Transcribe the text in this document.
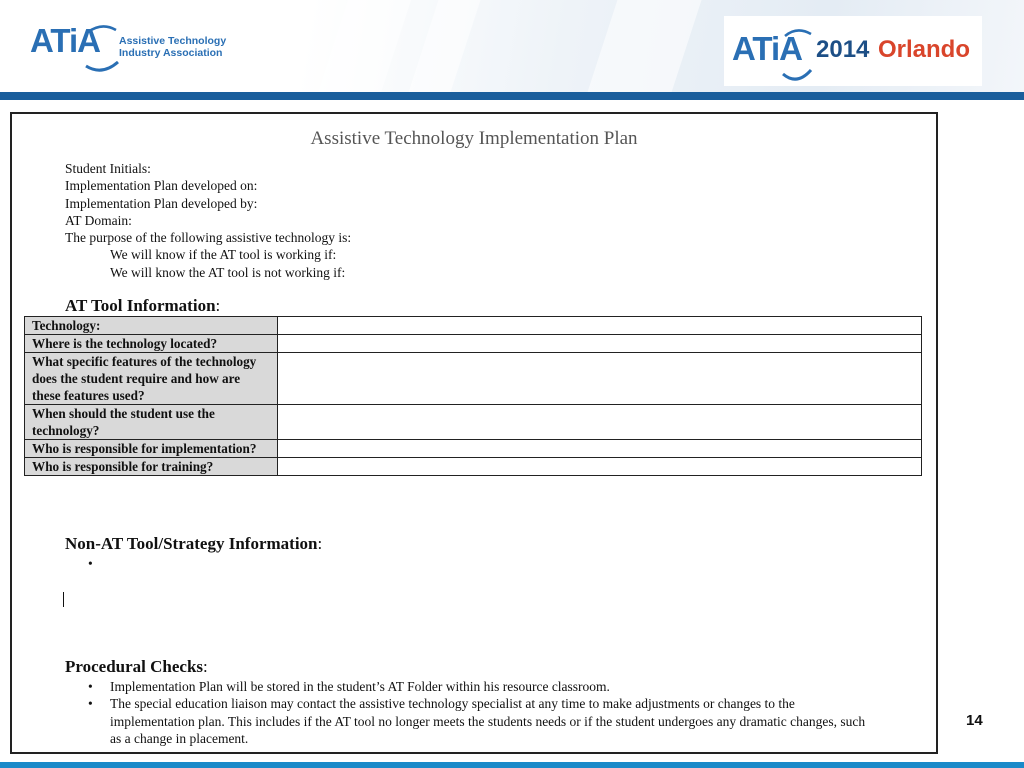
ATiA Assistive Technology
Industry Association	ATiA 2014 Orlando
Assistive Technology Implementation Plan
Student Initials:
Implementation Plan developed on:
Implementation Plan developed by:
AT Domain:
The purpose of the following assistive technology is:
We will know if the AT tool is working if:
We will know the AT tool is not working if:
AT Tool Information:
Technology:	
Where is the technology located?	
What specific features of the technology does the student require and how are these features used?	
When should the student use the technology?	
Who is responsible for implementation?	
Who is responsible for training?	
Non-AT Tool/Strategy Information:
Procedural Checks:
• Implementation Plan will be stored in the student’s AT Folder within his resource classroom.
• The special education liaison may contact the assistive technology specialist at any time to make adjustments or changes to the implementation plan. This includes if the AT tool no longer meets the students needs or if the student undergoes any dramatic changes, such as a change in placement.
14
